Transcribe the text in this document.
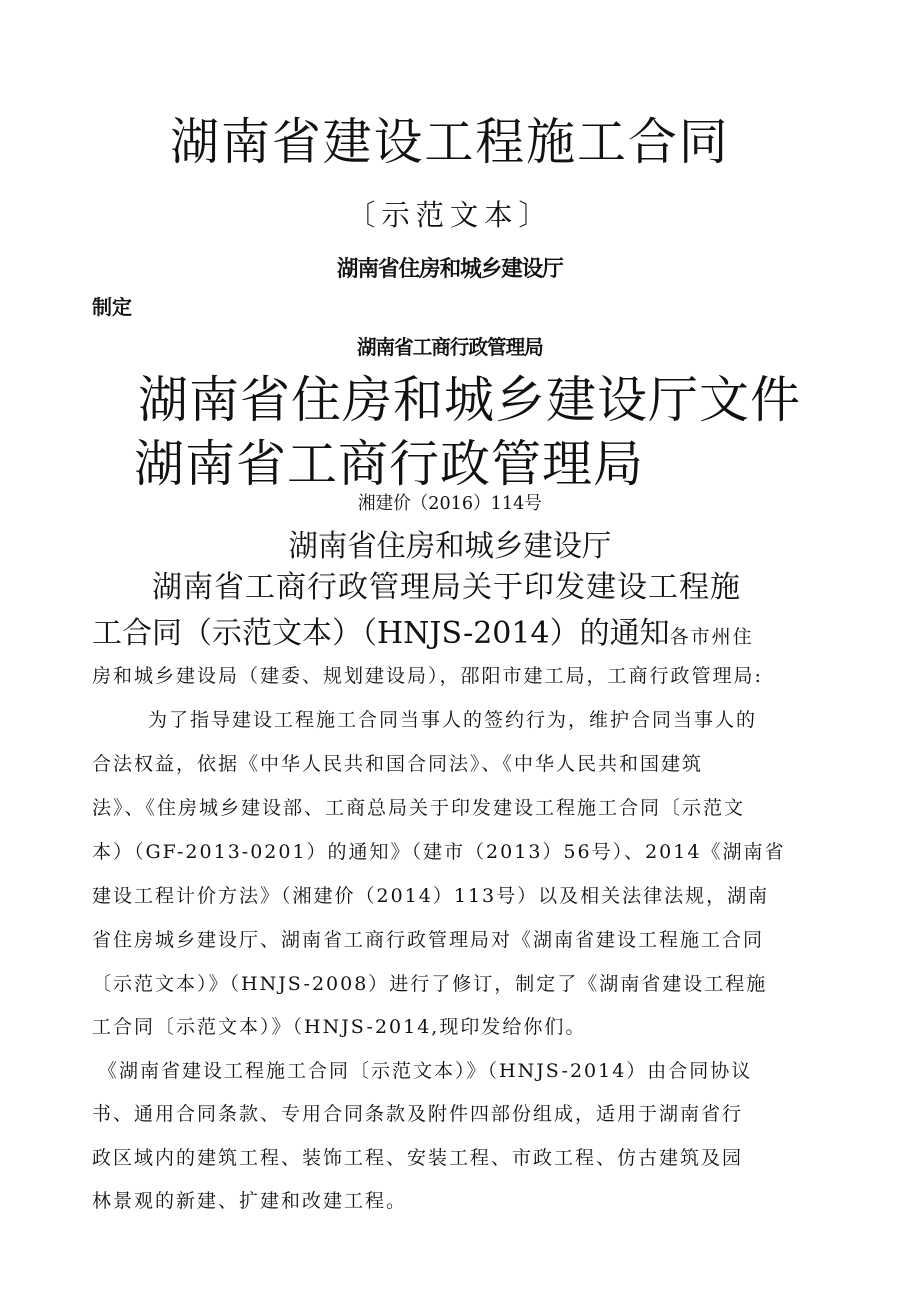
湖南省建设工程施工合同
〔示范文本〕
湖南省住房和城乡建设厅
制定
湖南省工商行政管理局
湖南省住房和城乡建设厅文件
湖南省工商行政管理局
湘建价（2016）114号
湖南省住房和城乡建设厅
湖南省工商行政管理局关于印发建设工程施
工合同（示范文本）（HNJS-2014）的通知各市州住
房和城乡建设局（建委、规划建设局），邵阳市建工局，工商行政管理局:
为了指导建设工程施工合同当事人的签约行为，维护合同当事人的
合法权益，依据《中华人民共和国合同法》、《中华人民共和国建筑
法》、《住房城乡建设部、工商总局关于印发建设工程施工合同〔示范文
本）（GF-2013-0201）的通知》（建市（2013）56号）、2014《湖南省
建设工程计价方法》（湘建价（2014）113号）以及相关法律法规，湖南
省住房城乡建设厅、湖南省工商行政管理局对《湖南省建设工程施工合同
〔示范文本）》（HNJS-2008）进行了修订，制定了《湖南省建设工程施
工合同〔示范文本）》（HNJS-2014,现印发给你们。
《湖南省建设工程施工合同〔示范文本）》（HNJS-2014）由合同协议
书、通用合同条款、专用合同条款及附件四部份组成，适用于湖南省行
政区域内的建筑工程、装饰工程、安装工程、市政工程、仿古建筑及园
林景观的新建、扩建和改建工程。
